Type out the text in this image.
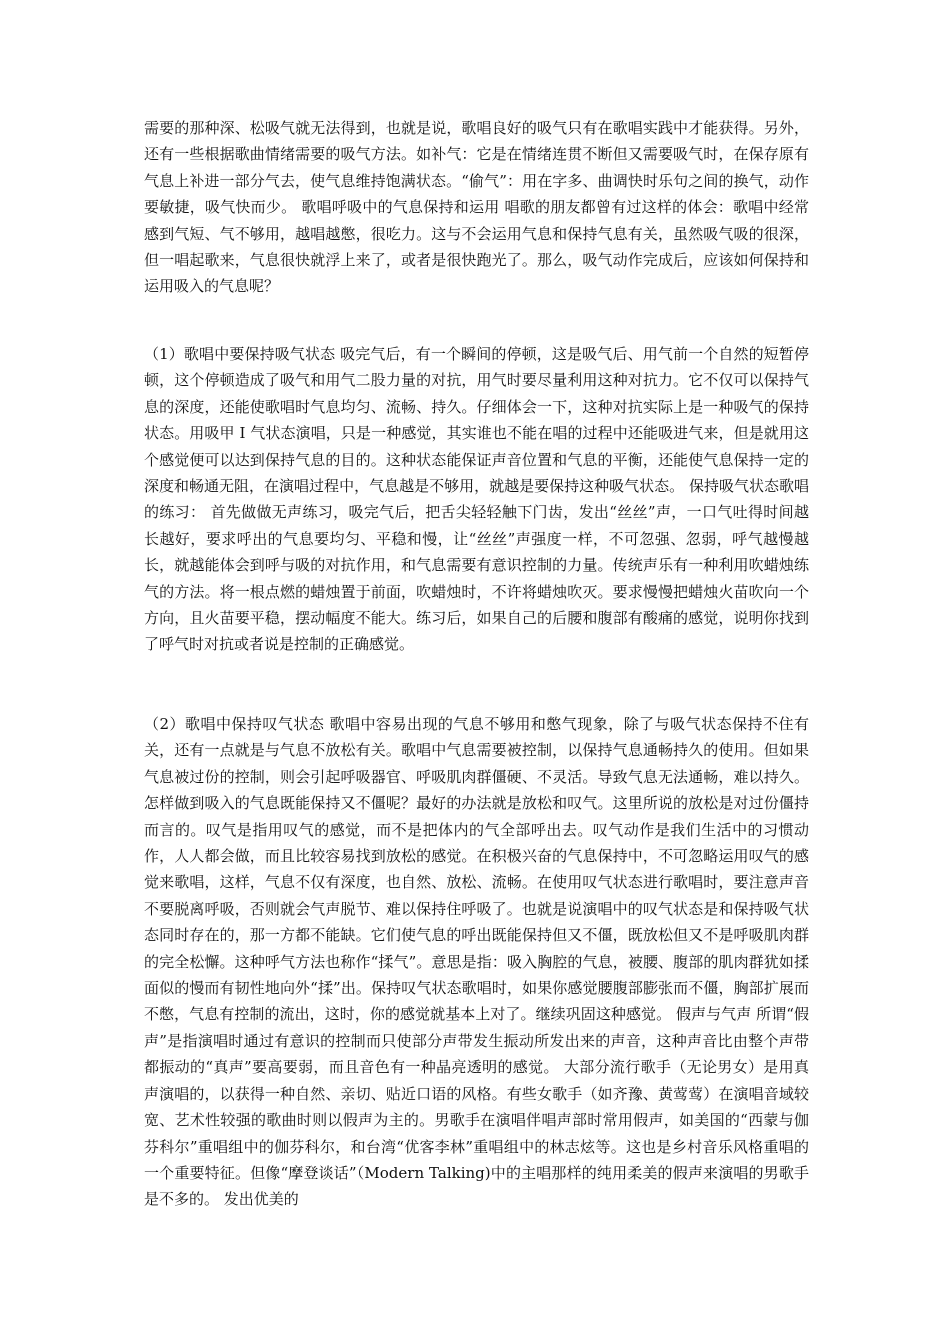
需要的那种深、松吸气就无法得到，也就是说，歌唱良好的吸气只有在歌唱实践中才能获得。另外，还有一些根据歌曲情绪需要的吸气方法。如补气：它是在情绪连贯不断但又需要吸气时，在保存原有气息上补进一部分气去，使气息维持饱满状态。“偷气”：用在字多、曲调快时乐句之间的换气，动作要敏捷，吸气快而少。 歌唱呼吸中的气息保持和运用 唱歌的朋友都曾有过这样的体会：歌唱中经常感到气短、气不够用，越唱越憋，很吃力。这与不会运用气息和保持气息有关，虽然吸气吸的很深，但一唱起歌来，气息很快就浮上来了，或者是很快跑光了。那么，吸气动作完成后，应该如何保持和运用吸入的气息呢？

（1）歌唱中要保持吸气状态 吸完气后，有一个瞬间的停顿，这是吸气后、用气前一个自然的短暂停顿，这个停顿造成了吸气和用气二股力量的对抗，用气时要尽量利用这种对抗力。它不仅可以保持气息的深度，还能使歌唱时气息均匀、流畅、持久。仔细体会一下，这种对抗实际上是一种吸气的保持状态。用吸甲 I 气状态演唱，只是一种感觉，其实谁也不能在唱的过程中还能吸进气来，但是就用这个感觉便可以达到保持气息的目的。这种状态能保证声音位置和气息的平衡，还能使气息保持一定的深度和畅通无阻，在演唱过程中，气息越是不够用，就越是要保持这种吸气状态。 保持吸气状态歌唱的练习： 首先做做无声练习，吸完气后，把舌尖轻轻触下门齿，发出“丝丝”声，一口气吐得时间越长越好，要求呼出的气息要均匀、平稳和慢，让“丝丝”声强度一样，不可忽强、忽弱，呼气越慢越长，就越能体会到呼与吸的对抗作用，和气息需要有意识控制的力量。传统声乐有一种利用吹蜡烛练气的方法。将一根点燃的蜡烛置于前面，吹蜡烛时，不许将蜡烛吹灭。要求慢慢把蜡烛火苗吹向一个方向，且火苗要平稳，摆动幅度不能大。练习后，如果自己的后腰和腹部有酸痛的感觉，说明你找到了呼气时对抗或者说是控制的正确感觉。

（2）歌唱中保持叹气状态 歌唱中容易出现的气息不够用和憋气现象，除了与吸气状态保持不住有关，还有一点就是与气息不放松有关。歌唱中气息需要被控制，以保持气息通畅持久的使用。但如果气息被过份的控制，则会引起呼吸器官、呼吸肌肉群僵硬、不灵活。导致气息无法通畅，难以持久。怎样做到吸入的气息既能保持又不僵呢？最好的办法就是放松和叹气。这里所说的放松是对过份僵持而言的。叹气是指用叹气的感觉，而不是把体内的气全部呼出去。叹气动作是我们生活中的习惯动作，人人都会做，而且比较容易找到放松的感觉。在积极兴奋的气息保持中，不可忽略运用叹气的感觉来歌唱，这样，气息不仅有深度，也自然、放松、流畅。在使用叹气状态进行歌唱时，要注意声音不要脱离呼吸，否则就会气声脱节、难以保持住呼吸了。也就是说演唱中的叹气状态是和保持吸气状态同时存在的，那一方都不能缺。它们使气息的呼出既能保持但又不僵，既放松但又不是呼吸肌肉群的完全松懈。这种呼气方法也称作“揉气”。意思是指：吸入胸腔的气息，被腰、腹部的肌肉群犹如揉面似的慢而有韧性地向外“揉”出。保持叹气状态歌唱时，如果你感觉腰腹部膨张而不僵，胸部扩展而不憋，气息有控制的流出，这时，你的感觉就基本上对了。继续巩固这种感觉。 假声与气声 所谓“假声”是指演唱时通过有意识的控制而只使部分声带发生振动所发出来的声音，这种声音比由整个声带都振动的“真声”要高要弱，而且音色有一种晶亮透明的感觉。 大部分流行歌手（无论男女）是用真声演唱的，以获得一种自然、亲切、贴近口语的风格。有些女歌手（如齐豫、黄莺莺）在演唱音域较宽、艺术性较强的歌曲时则以假声为主的。男歌手在演唱伴唱声部时常用假声，如美国的“西蒙与伽芬科尔”重唱组中的伽芬科尔，和台湾“优客李林”重唱组中的林志炫等。这也是乡村音乐风格重唱的一个重要特征。但像“摩登谈话”（Modern Talking)中的主唱那样的纯用柔美的假声来演唱的男歌手是不多的。 发出优美的
